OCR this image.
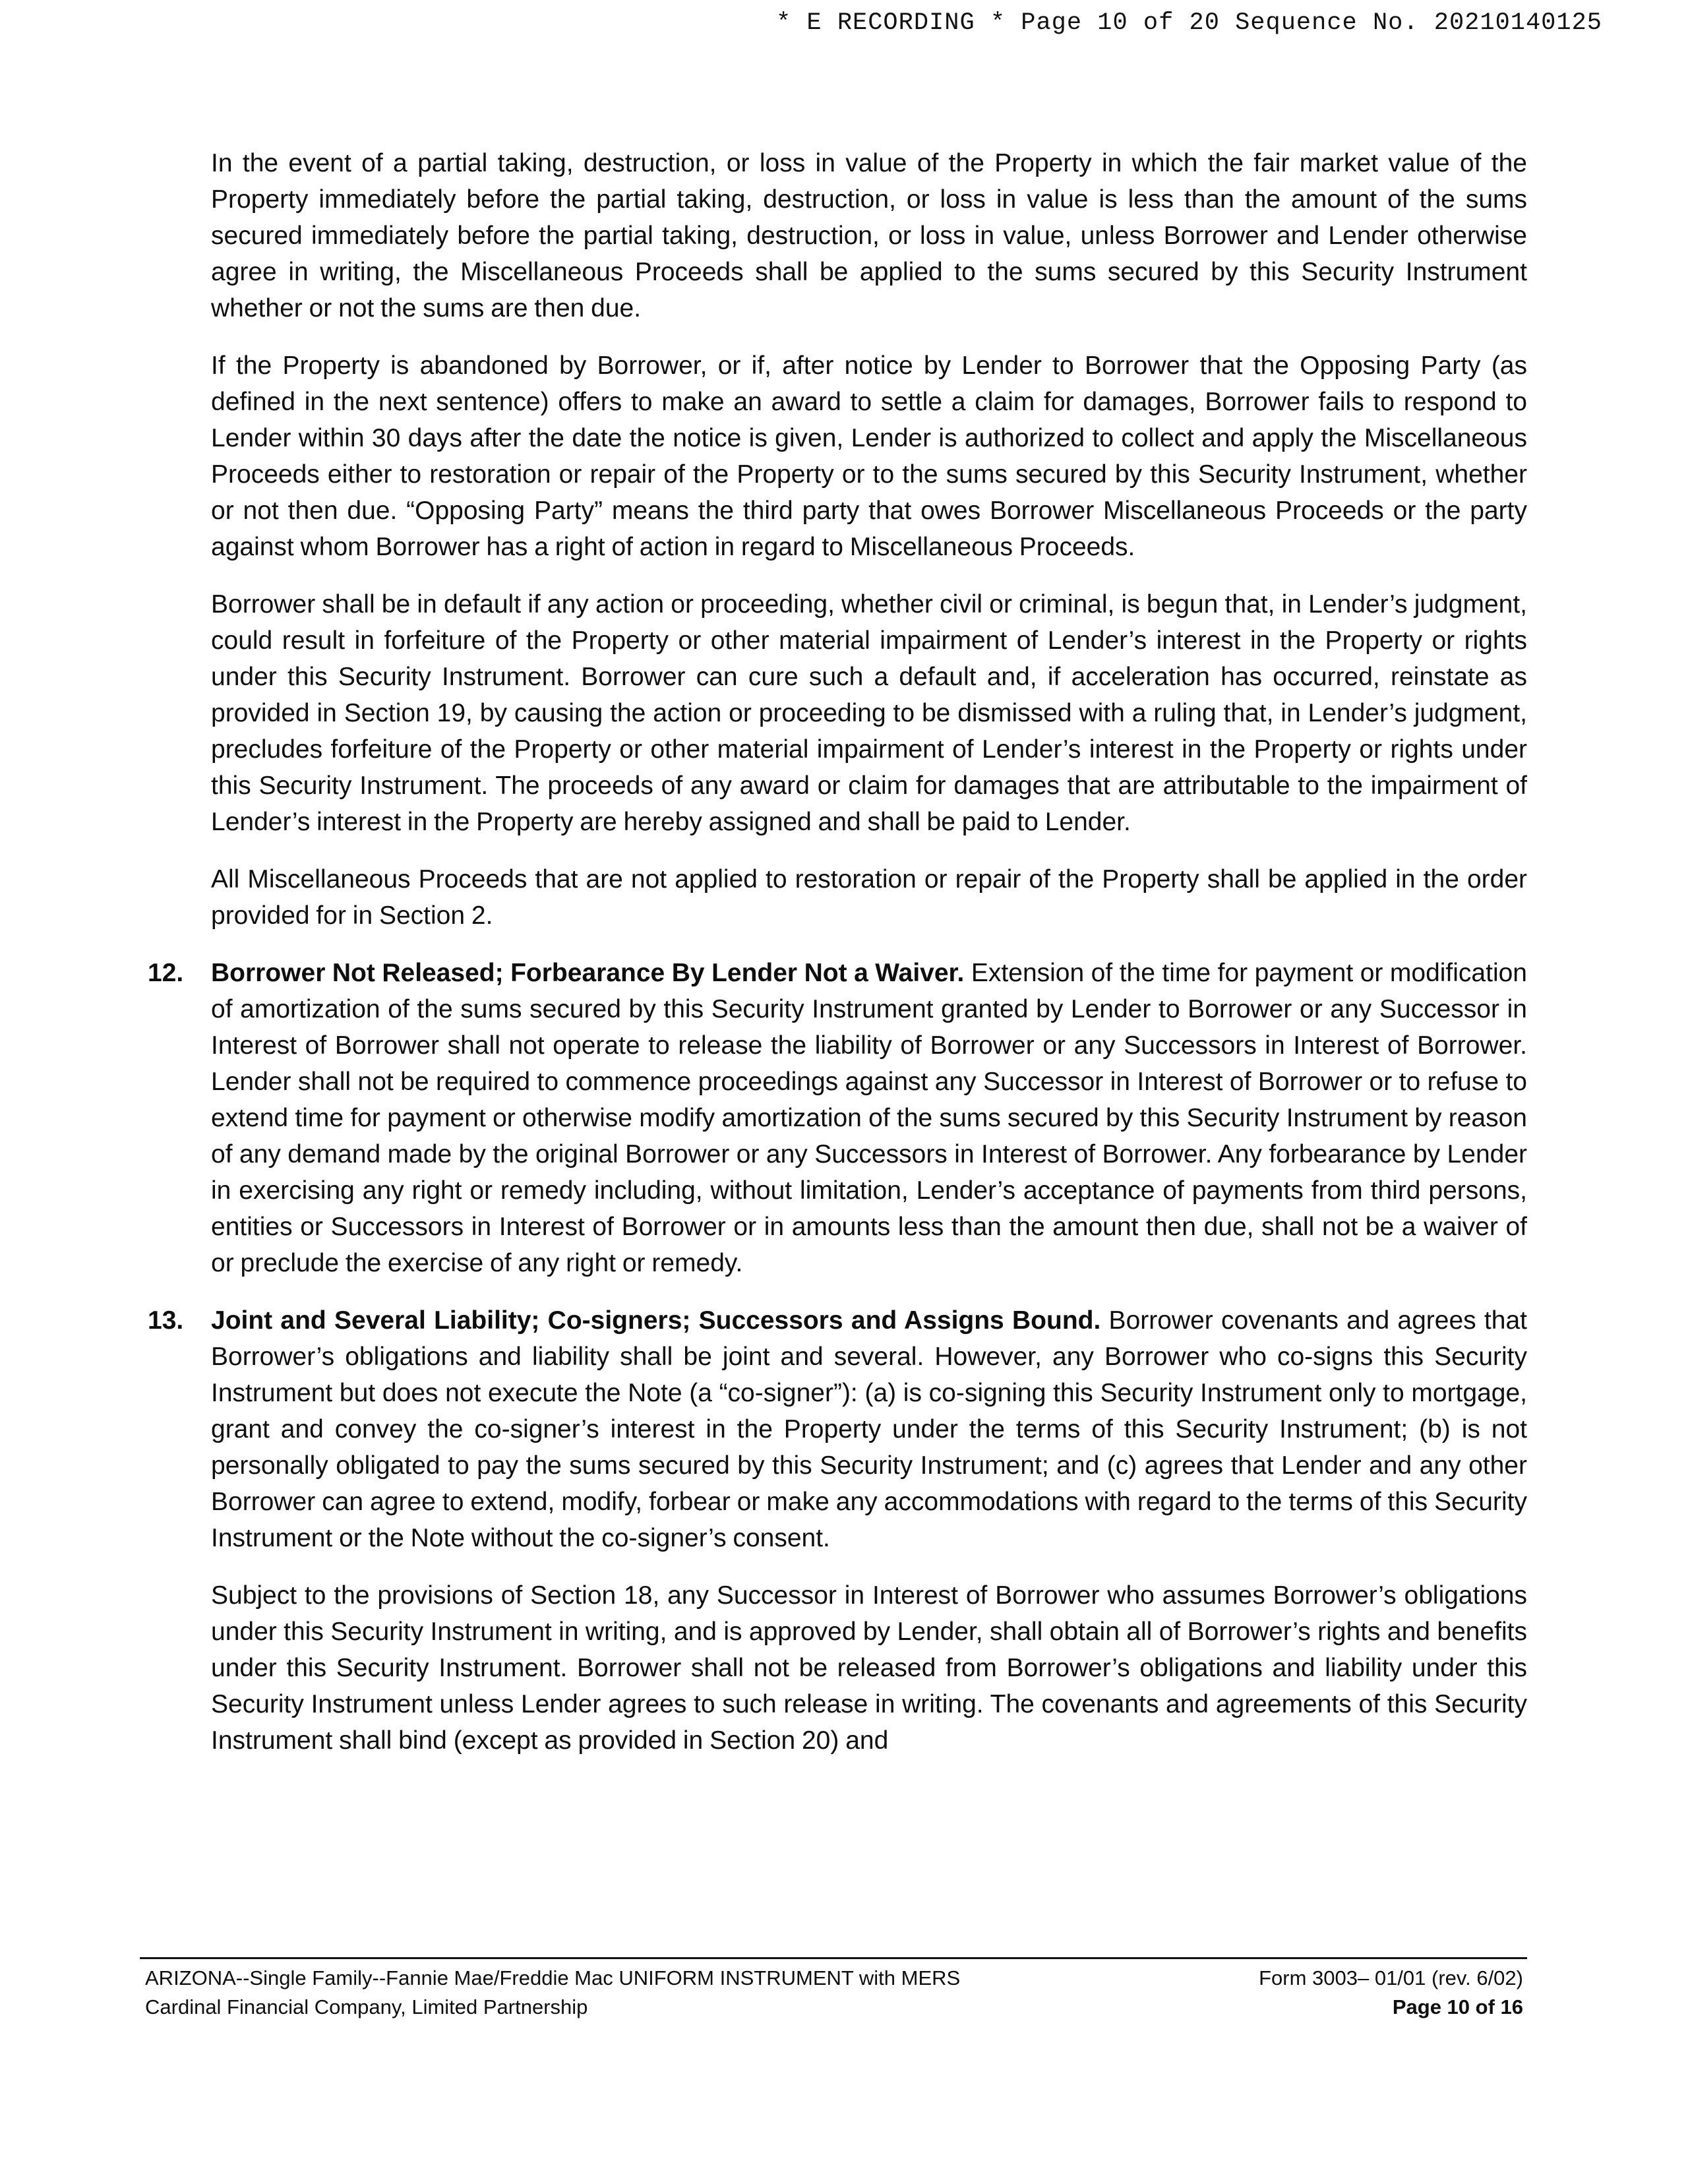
* E RECORDING * Page 10 of 20 Sequence No. 20210140125

In the event of a partial taking, destruction, or loss in value of the Property in which the fair market value of the Property immediately before the partial taking, destruction, or loss in value is less than the amount of the sums secured immediately before the partial taking, destruction, or loss in value, unless Borrower and Lender otherwise agree in writing, the Miscellaneous Proceeds shall be applied to the sums secured by this Security Instrument whether or not the sums are then due.

If the Property is abandoned by Borrower, or if, after notice by Lender to Borrower that the Opposing Party (as defined in the next sentence) offers to make an award to settle a claim for damages, Borrower fails to respond to Lender within 30 days after the date the notice is given, Lender is authorized to collect and apply the Miscellaneous Proceeds either to restoration or repair of the Property or to the sums secured by this Security Instrument, whether or not then due. “Opposing Party” means the third party that owes Borrower Miscellaneous Proceeds or the party against whom Borrower has a right of action in regard to Miscellaneous Proceeds.

Borrower shall be in default if any action or proceeding, whether civil or criminal, is begun that, in Lender’s judgment, could result in forfeiture of the Property or other material impairment of Lender’s interest in the Property or rights under this Security Instrument. Borrower can cure such a default and, if acceleration has occurred, reinstate as provided in Section 19, by causing the action or proceeding to be dismissed with a ruling that, in Lender’s judgment, precludes forfeiture of the Property or other material impairment of Lender’s interest in the Property or rights under this Security Instrument. The proceeds of any award or claim for damages that are attributable to the impairment of Lender’s interest in the Property are hereby assigned and shall be paid to Lender.

All Miscellaneous Proceeds that are not applied to restoration or repair of the Property shall be applied in the order provided for in Section 2.

12. Borrower Not Released; Forbearance By Lender Not a Waiver. Extension of the time for payment or modification of amortization of the sums secured by this Security Instrument granted by Lender to Borrower or any Successor in Interest of Borrower shall not operate to release the liability of Borrower or any Successors in Interest of Borrower. Lender shall not be required to commence proceedings against any Successor in Interest of Borrower or to refuse to extend time for payment or otherwise modify amortization of the sums secured by this Security Instrument by reason of any demand made by the original Borrower or any Successors in Interest of Borrower. Any forbearance by Lender in exercising any right or remedy including, without limitation, Lender’s acceptance of payments from third persons, entities or Successors in Interest of Borrower or in amounts less than the amount then due, shall not be a waiver of or preclude the exercise of any right or remedy.
13. Joint and Several Liability; Co-signers; Successors and Assigns Bound. Borrower covenants and agrees that Borrower’s obligations and liability shall be joint and several. However, any Borrower who co-signs this Security Instrument but does not execute the Note (a “co-signer”): (a) is co-signing this Security Instrument only to mortgage, grant and convey the co-signer’s interest in the Property under the terms of this Security Instrument; (b) is not personally obligated to pay the sums secured by this Security Instrument; and (c) agrees that Lender and any other Borrower can agree to extend, modify, forbear or make any accommodations with regard to the terms of this Security Instrument or the Note without the co-signer’s consent.

Subject to the provisions of Section 18, any Successor in Interest of Borrower who assumes Borrower’s obligations under this Security Instrument in writing, and is approved by Lender, shall obtain all of Borrower’s rights and benefits under this Security Instrument. Borrower shall not be released from Borrower’s obligations and liability under this Security Instrument unless Lender agrees to such release in writing. The covenants and agreements of this Security Instrument shall bind (except as provided in Section 20) and

ARIZONA--Single Family--Fannie Mae/Freddie Mac UNIFORM INSTRUMENT with MERS	Form 3003– 01/01 (rev. 6/02)
Cardinal Financial Company, Limited Partnership	Page 10 of 16
